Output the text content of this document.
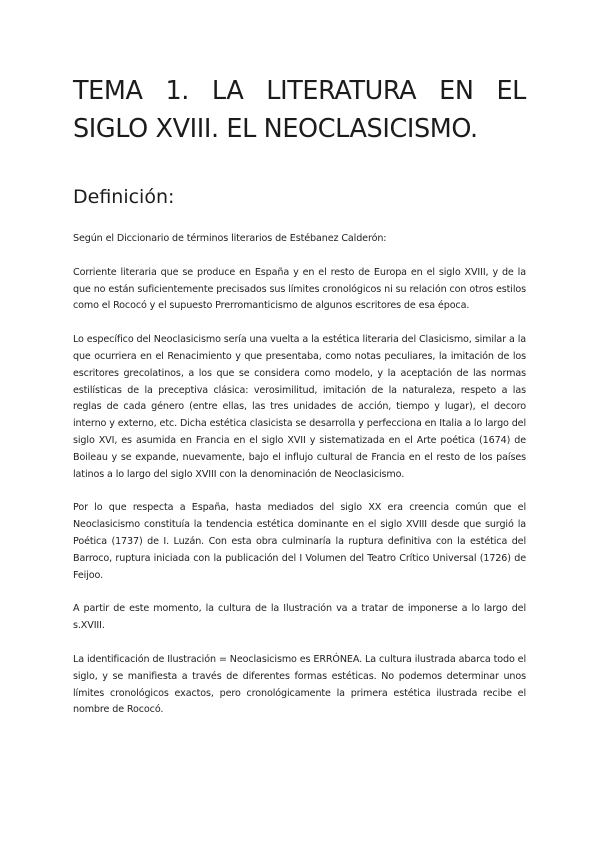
TEMA 1. LA LITERATURA EN EL SIGLO XVIII. EL NEOCLASICISMO.
Definición:

Según el Diccionario de términos literarios de Estébanez Calderón:

Corriente literaria que se produce en España y en el resto de Europa en el siglo XVIII, y de la que no están suficientemente precisados sus límites cronológicos ni su relación con otros estilos como el Rococó y el supuesto Prerromanticismo de algunos escritores de esa época.

Lo específico del Neoclasicismo sería una vuelta a la estética literaria del Clasicismo, similar a la que ocurriera en el Renacimiento y que presentaba, como notas peculiares, la imitación de los escritores grecolatinos, a los que se considera como modelo, y la aceptación de las normas estilísticas de la preceptiva clásica: verosimilitud, imitación de la naturaleza, respeto a las reglas de cada género (entre ellas, las tres unidades de acción, tiempo y lugar), el decoro interno y externo, etc. Dicha estética clasicista se desarrolla y perfecciona en Italia a lo largo del siglo XVI, es asumida en Francia en el siglo XVII y sistematizada en el Arte poética (1674) de Boileau y se expande, nuevamente, bajo el influjo cultural de Francia en el resto de los países latinos a lo largo del siglo XVIII con la denominación de Neoclasicismo.

Por lo que respecta a España, hasta mediados del siglo XX era creencia común que el Neoclasicismo constituía la tendencia estética dominante en el siglo XVIII desde que surgió la Poética (1737) de I. Luzán. Con esta obra culminaría la ruptura definitiva con la estética del Barroco, ruptura iniciada con la publicación del I Volumen del Teatro Crítico Universal (1726) de Feijoo.

A partir de este momento, la cultura de la Ilustración va a tratar de imponerse a lo largo del s.XVIII.

La identificación de Ilustración = Neoclasicismo es ERRÓNEA. La cultura ilustrada abarca todo el siglo, y se manifiesta a través de diferentes formas estéticas. No podemos determinar unos límites cronológicos exactos, pero cronológicamente la primera estética ilustrada recibe el nombre de Rococó.
